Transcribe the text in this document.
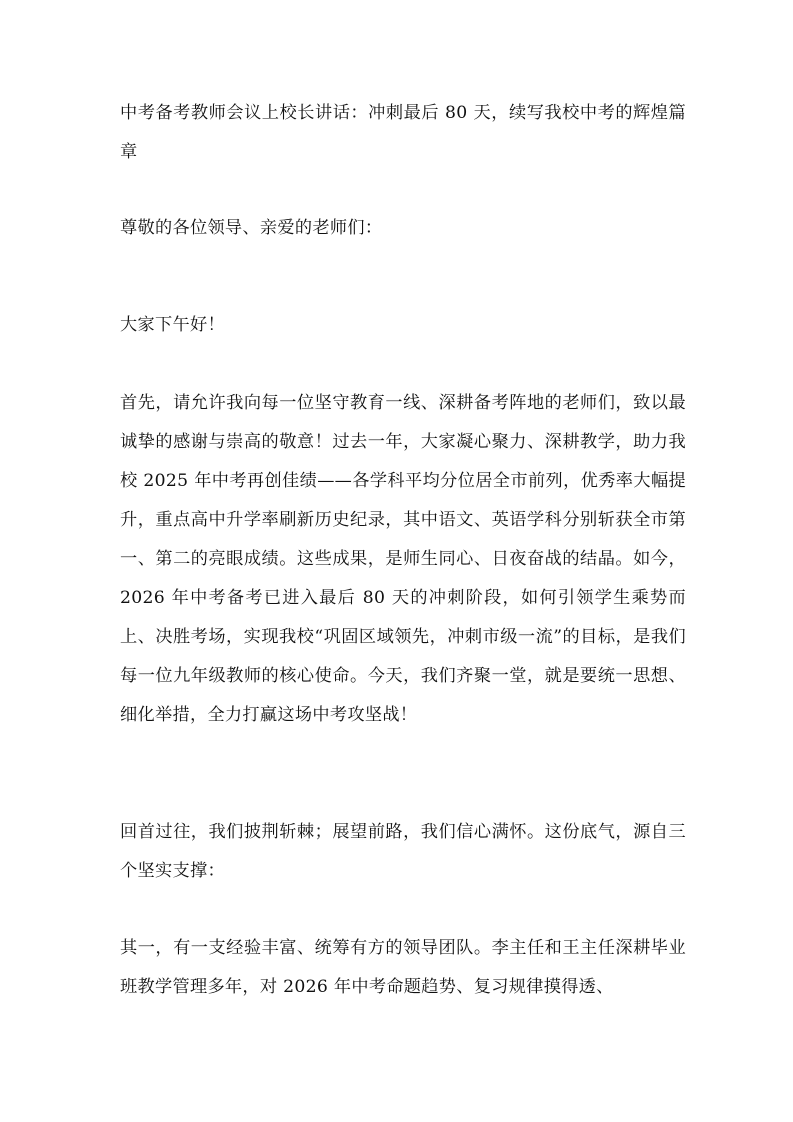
中考备考教师会议上校长讲话：冲刺最后 80 天，续写我校中考的辉煌篇章

尊敬的各位领导、亲爱的老师们：

大家下午好！

首先，请允许我向每一位坚守教育一线、深耕备考阵地的老师们，致以最诚挚的感谢与崇高的敬意！过去一年，大家凝心聚力、深耕教学，助力我校 2025 年中考再创佳绩——各学科平均分位居全市前列，优秀率大幅提升，重点高中升学率刷新历史纪录，其中语文、英语学科分别斩获全市第一、第二的亮眼成绩。这些成果，是师生同心、日夜奋战的结晶。如今，2026 年中考备考已进入最后 80 天的冲刺阶段，如何引领学生乘势而上、决胜考场，实现我校“巩固区域领先，冲刺市级一流”的目标，是我们每一位九年级教师的核心使命。今天，我们齐聚一堂，就是要统一思想、细化举措，全力打赢这场中考攻坚战！

回首过往，我们披荆斩棘；展望前路，我们信心满怀。这份底气，源自三个坚实支撑：

其一，有一支经验丰富、统筹有方的领导团队。李主任和王主任深耕毕业班教学管理多年，对 2026 年中考命题趋势、复习规律摸得透、
